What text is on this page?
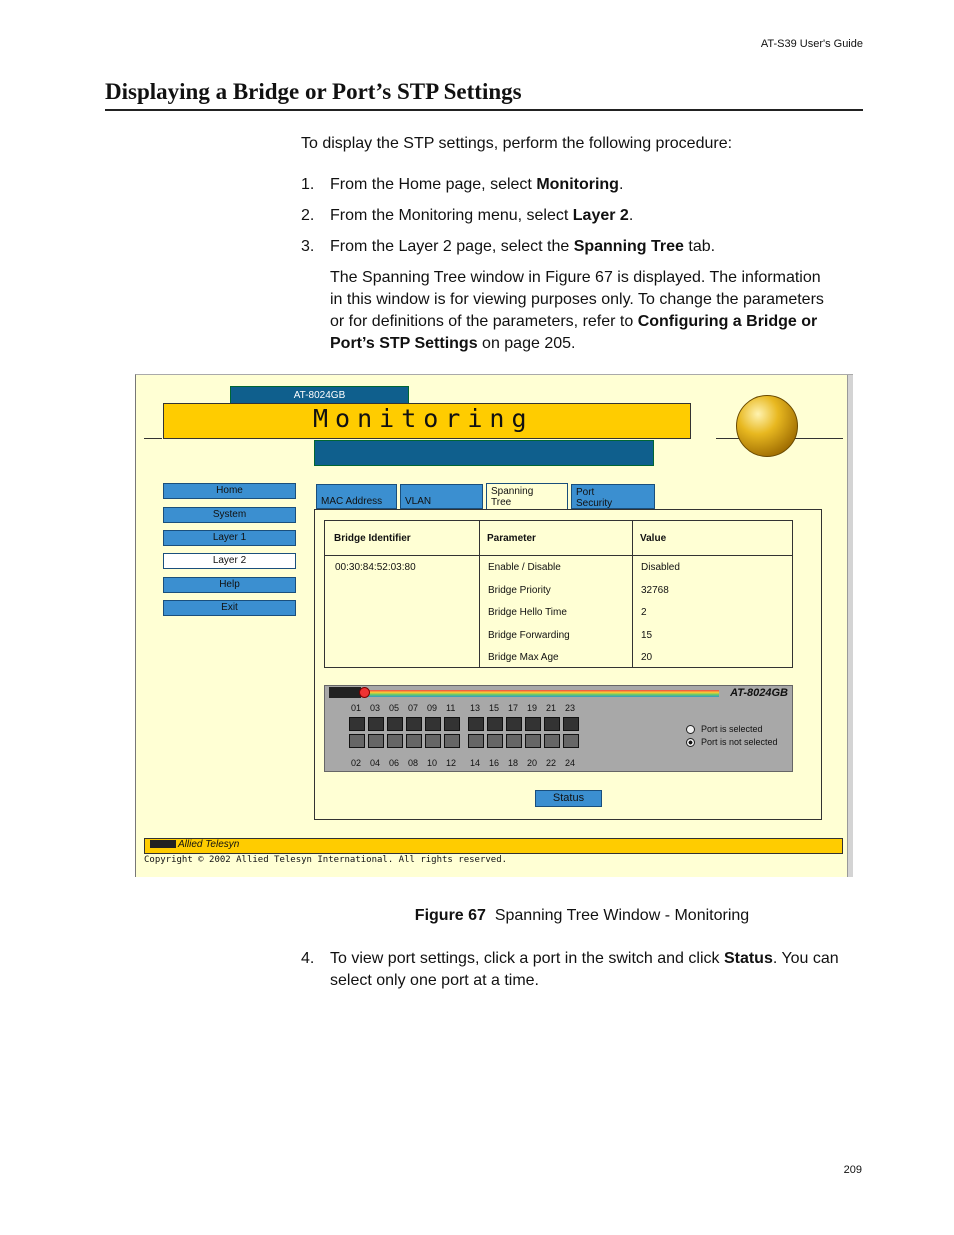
AT-S39 User's Guide
Displaying a Bridge or Port’s STP Settings
To display the STP settings, perform the following procedure:
1. From the Home page, select Monitoring.
2. From the Monitoring menu, select Layer 2.
3. From the Layer 2 page, select the Spanning Tree tab.
The Spanning Tree window in Figure 67 is displayed. The information in this window is for viewing purposes only. To change the parameters or for definitions of the parameters, refer to Configuring a Bridge or Port’s STP Settings on page 205.
AT-8024GB
Monitoring
Home
System
Layer 1
Layer 2
Help
Exit
MAC Address	VLAN
Spanning Tree
Port Security
Bridge Identifier	Parameter	Value
00:30:84:52:03:80	Enable / Disable	Disabled
Bridge Priority	32768
Bridge Hello Time	2
Bridge Forwarding	15
Bridge Max Age	20
AT-8024GB
01
02
03
04
05
06
07
08
09
10
11
12
13
14
15
16
17
18
19
20
21
22
23
24
Port is selected
Port is not selected
Status
Allied Telesyn
Copyright © 2002 Allied Telesyn International. All rights reserved.
Figure 67 Spanning Tree Window - Monitoring
4. To view port settings, click a port in the switch and click Status. You can select only one port at a time.
209
